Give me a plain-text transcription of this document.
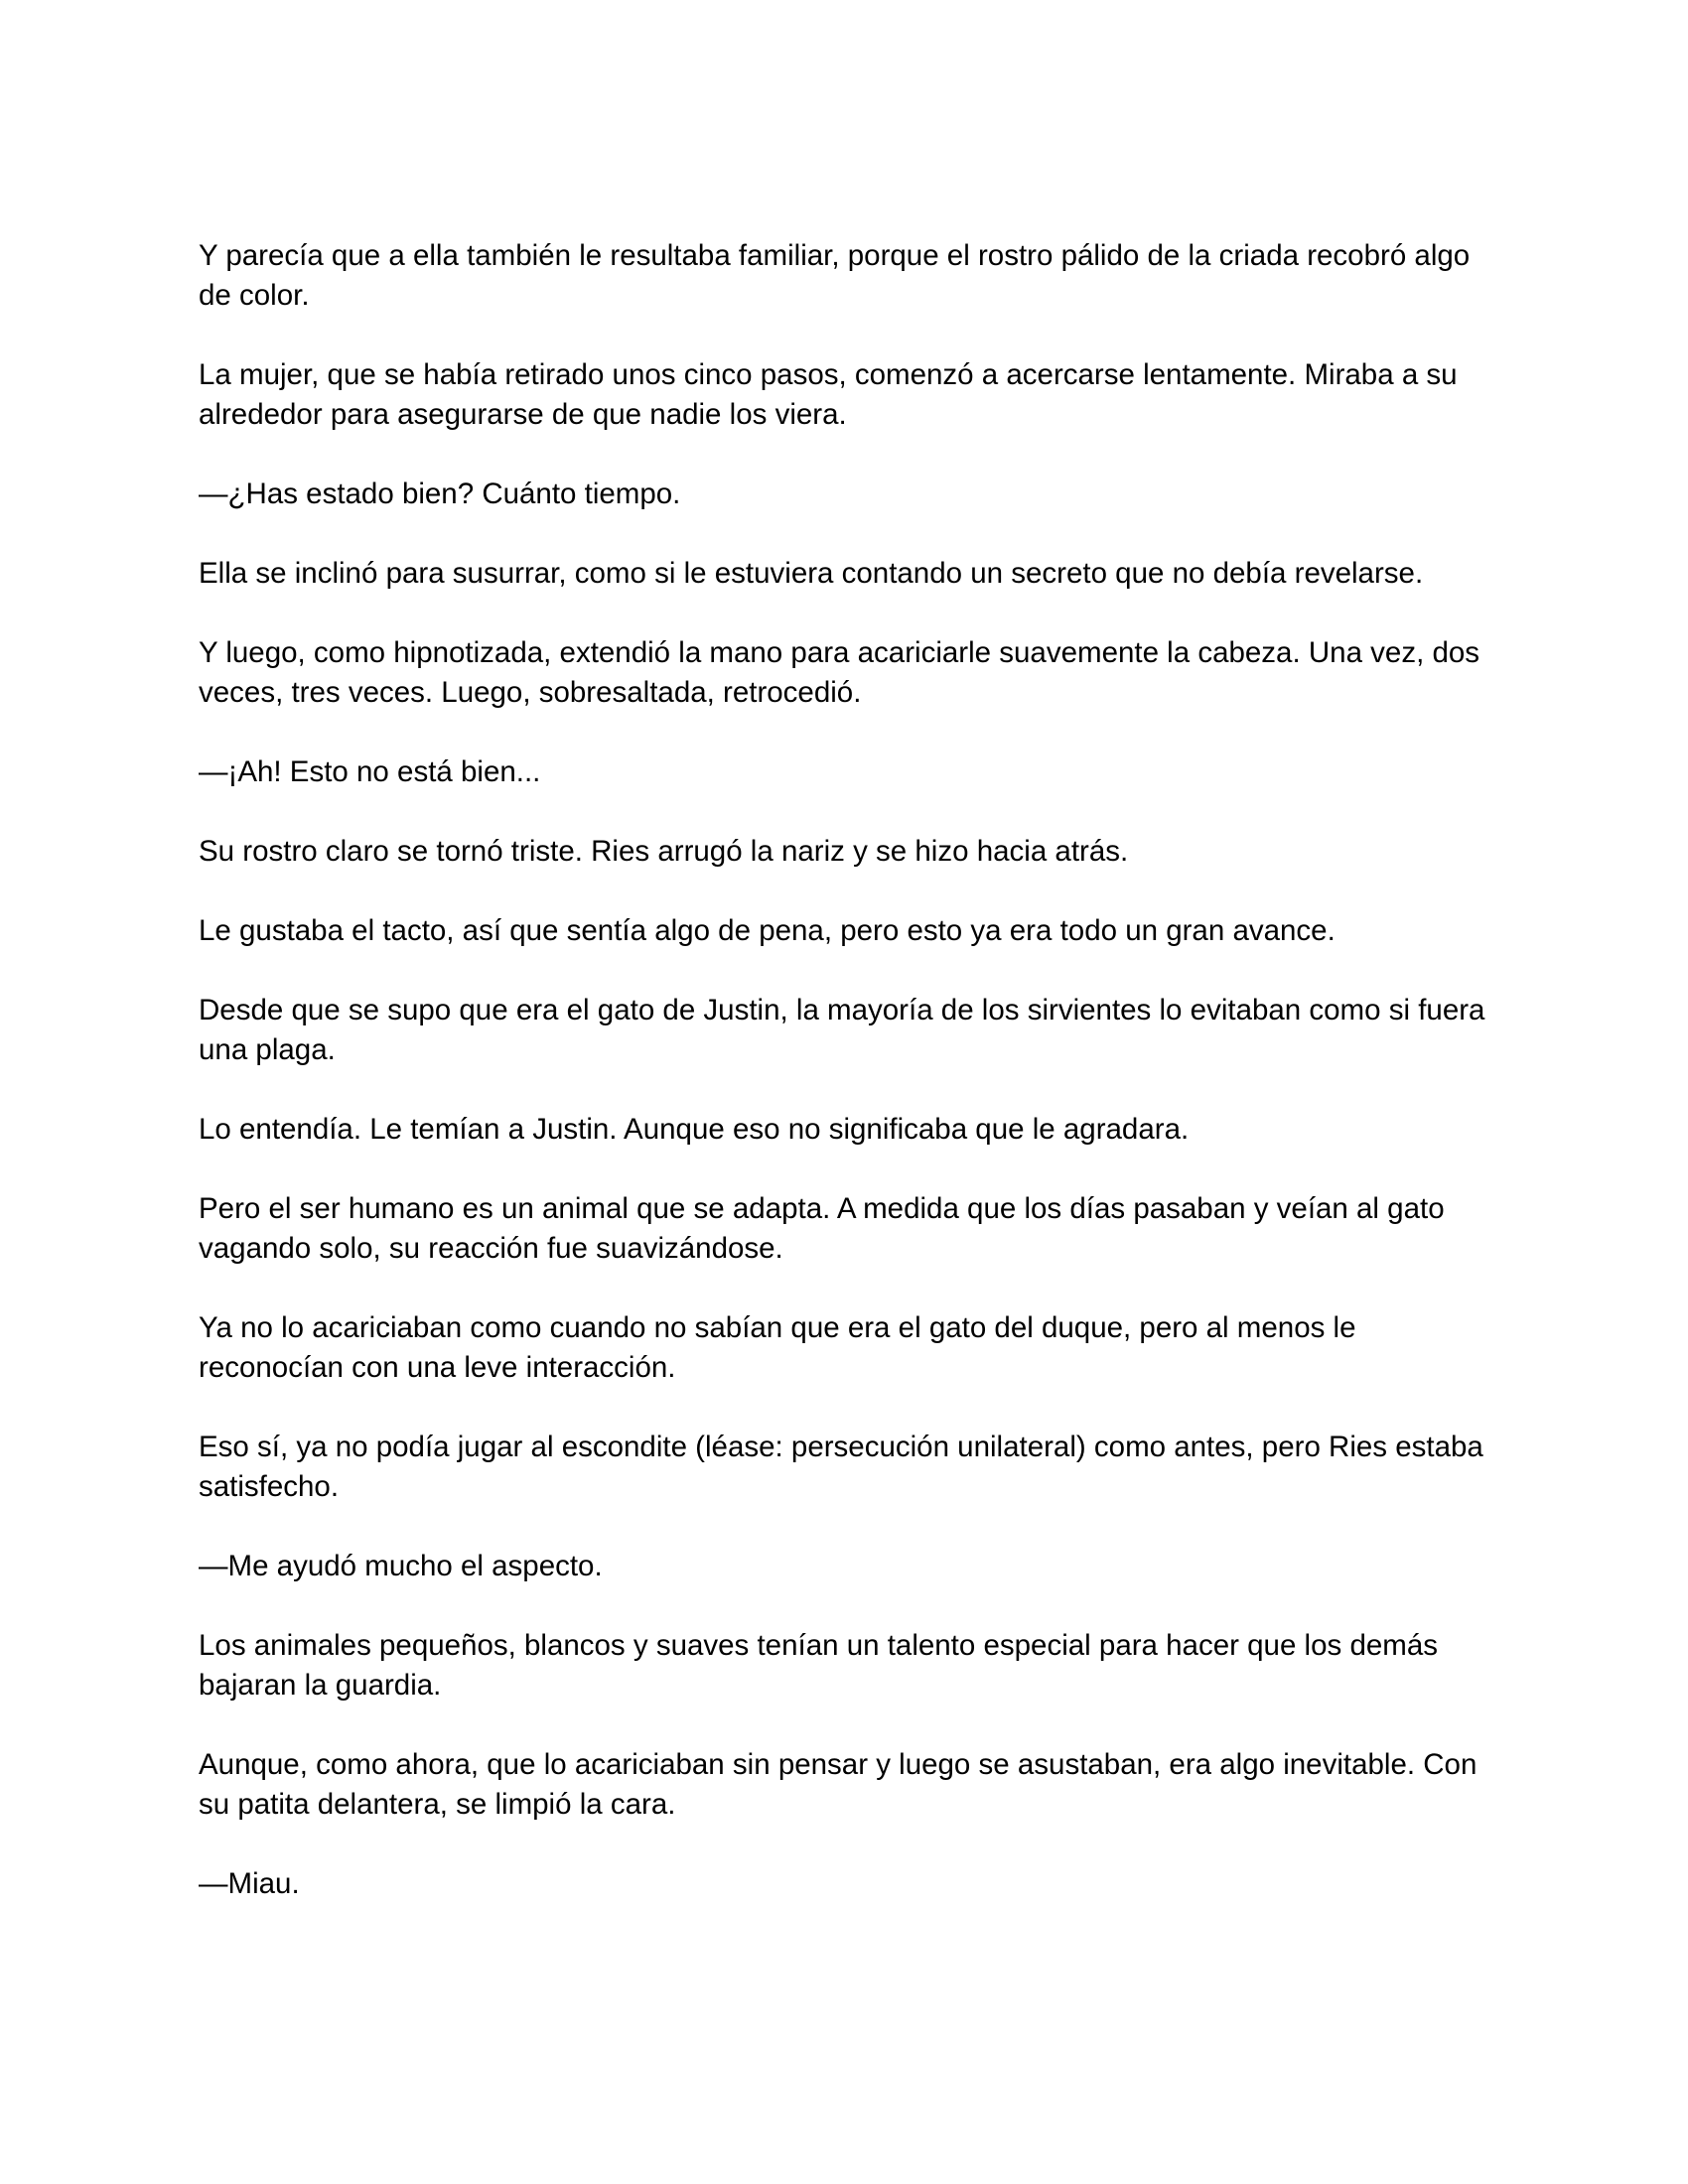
Y parecía que a ella también le resultaba familiar, porque el rostro pálido de la criada recobró algo de color.

La mujer, que se había retirado unos cinco pasos, comenzó a acercarse lentamente. Miraba a su alrededor para asegurarse de que nadie los viera.

—¿Has estado bien? Cuánto tiempo.

Ella se inclinó para susurrar, como si le estuviera contando un secreto que no debía revelarse.

Y luego, como hipnotizada, extendió la mano para acariciarle suavemente la cabeza. Una vez, dos veces, tres veces. Luego, sobresaltada, retrocedió.

—¡Ah! Esto no está bien...

Su rostro claro se tornó triste. Ries arrugó la nariz y se hizo hacia atrás.

Le gustaba el tacto, así que sentía algo de pena, pero esto ya era todo un gran avance.

Desde que se supo que era el gato de Justin, la mayoría de los sirvientes lo evitaban como si fuera una plaga.

Lo entendía. Le temían a Justin. Aunque eso no significaba que le agradara.

Pero el ser humano es un animal que se adapta. A medida que los días pasaban y veían al gato vagando solo, su reacción fue suavizándose.

Ya no lo acariciaban como cuando no sabían que era el gato del duque, pero al menos le reconocían con una leve interacción.

Eso sí, ya no podía jugar al escondite (léase: persecución unilateral) como antes, pero Ries estaba satisfecho.

—Me ayudó mucho el aspecto.

Los animales pequeños, blancos y suaves tenían un talento especial para hacer que los demás bajaran la guardia.

Aunque, como ahora, que lo acariciaban sin pensar y luego se asustaban, era algo inevitable. Con su patita delantera, se limpió la cara.

—Miau.
